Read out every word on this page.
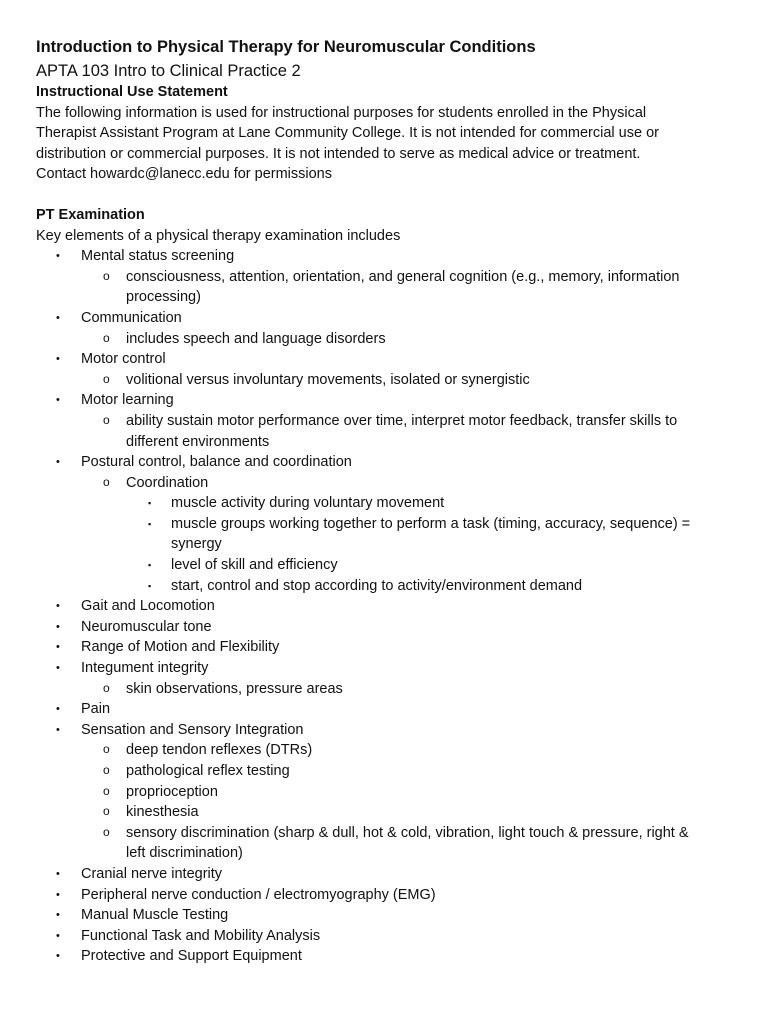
Introduction to Physical Therapy for Neuromuscular Conditions
APTA 103 Intro to Clinical Practice 2
Instructional Use Statement

The following information is used for instructional purposes for students enrolled in the Physical

Therapist Assistant Program at Lane Community College. It is not intended for commercial use or

distribution or commercial purposes. It is not intended to serve as medical advice or treatment.

Contact howardc@lanecc.edu for permissions

PT Examination

Key elements of a physical therapy examination includes

• Mental status screening
o consciousness, attention, orientation, and general cognition (e.g., memory, information
processing)
• Communication
o includes speech and language disorders
• Motor control
o volitional versus involuntary movements, isolated or synergistic
• Motor learning
o ability sustain motor performance over time, interpret motor feedback, transfer skills to
different environments
• Postural control, balance and coordination
o Coordination
▪ muscle activity during voluntary movement
▪ muscle groups working together to perform a task (timing, accuracy, sequence) =
synergy
▪ level of skill and efficiency
▪ start, control and stop according to activity/environment demand
• Gait and Locomotion
• Neuromuscular tone
• Range of Motion and Flexibility
• Integument integrity
o skin observations, pressure areas
• Pain
• Sensation and Sensory Integration
o deep tendon reflexes (DTRs)
o pathological reflex testing
o proprioception
o kinesthesia
o sensory discrimination (sharp & dull, hot & cold, vibration, light touch & pressure, right &
left discrimination)
• Cranial nerve integrity
• Peripheral nerve conduction / electromyography (EMG)
• Manual Muscle Testing
• Functional Task and Mobility Analysis
• Protective and Support Equipment
